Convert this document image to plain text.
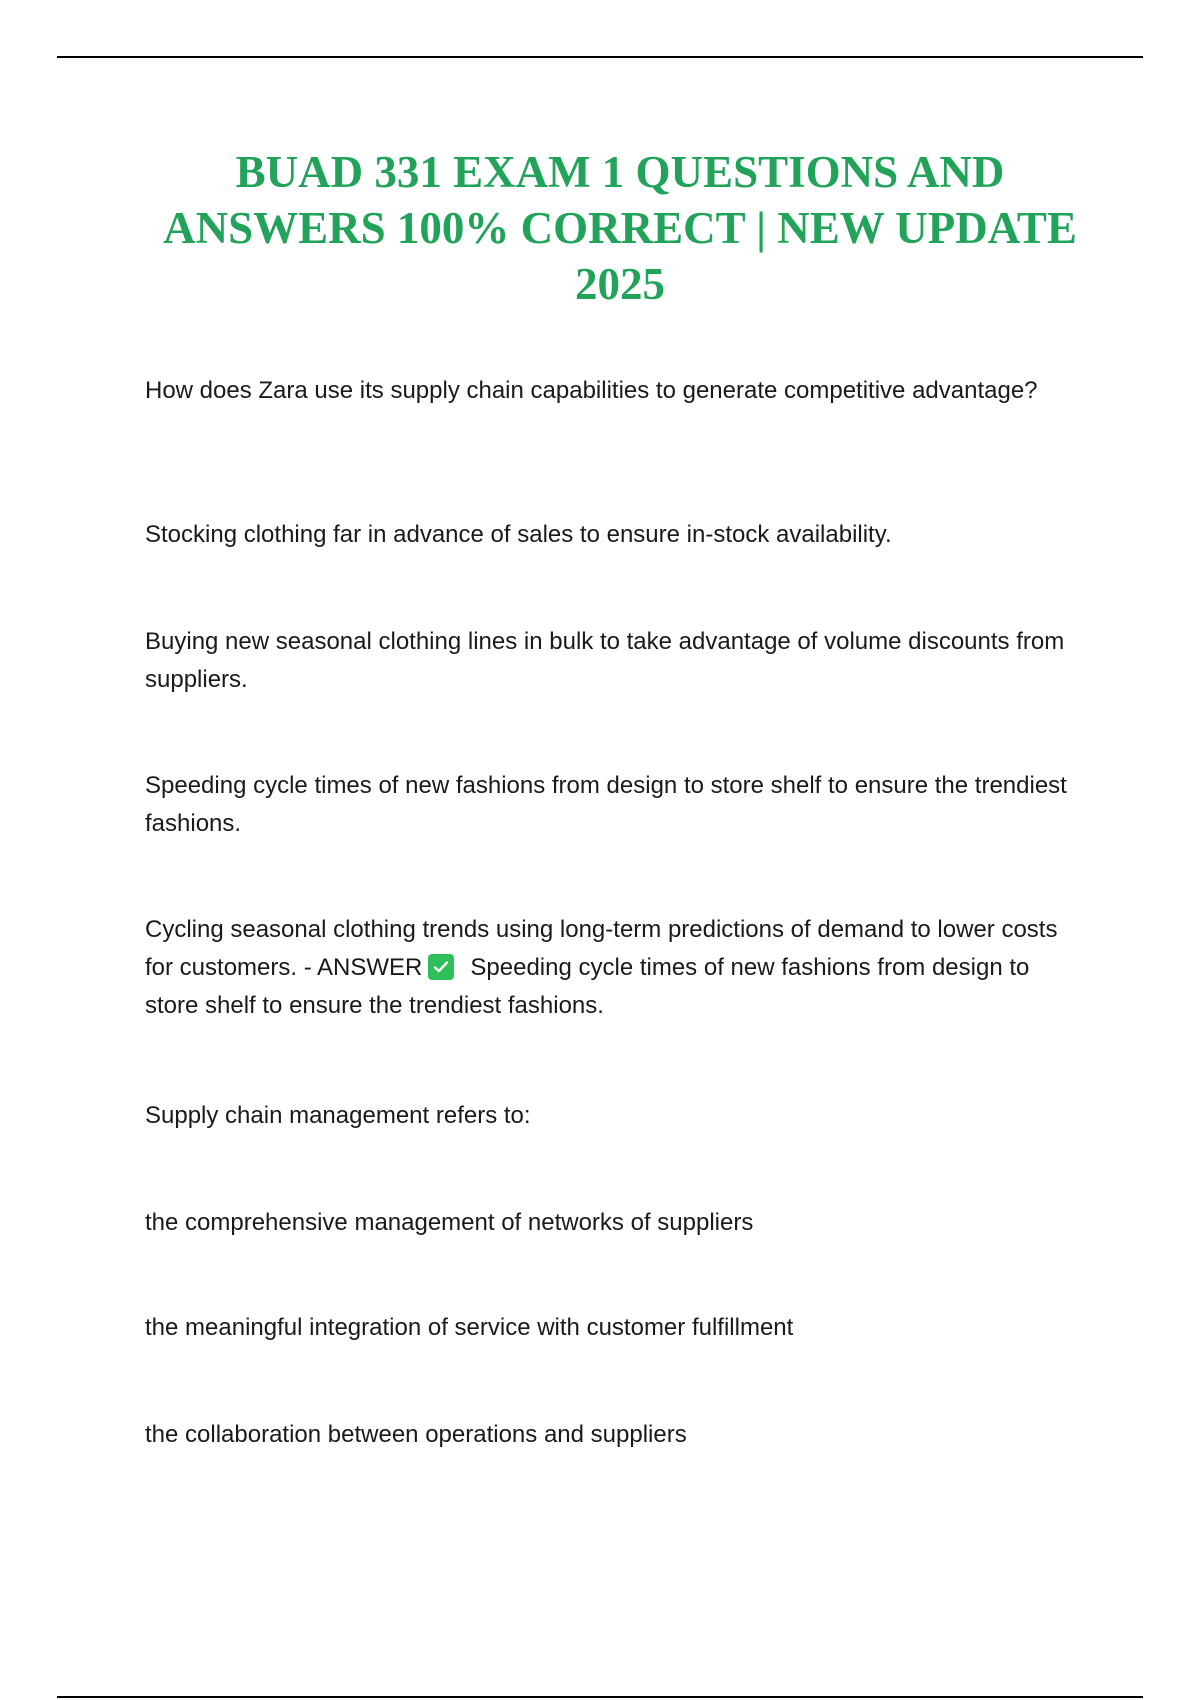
BUAD 331 EXAM 1 QUESTIONS AND ANSWERS 100% CORRECT | NEW UPDATE 2025

How does Zara use its supply chain capabilities to generate competitive advantage?

Stocking clothing far in advance of sales to ensure in-stock availability.

Buying new seasonal clothing lines in bulk to take advantage of volume discounts from suppliers.

Speeding cycle times of new fashions from design to store shelf to ensure the trendiest fashions.

Cycling seasonal clothing trends using long-term predictions of demand to lower costs for customers. - ANSWER Speeding cycle times of new fashions from design to store shelf to ensure the trendiest fashions.

Supply chain management refers to:

the comprehensive management of networks of suppliers

the meaningful integration of service with customer fulfillment

the collaboration between operations and suppliers
